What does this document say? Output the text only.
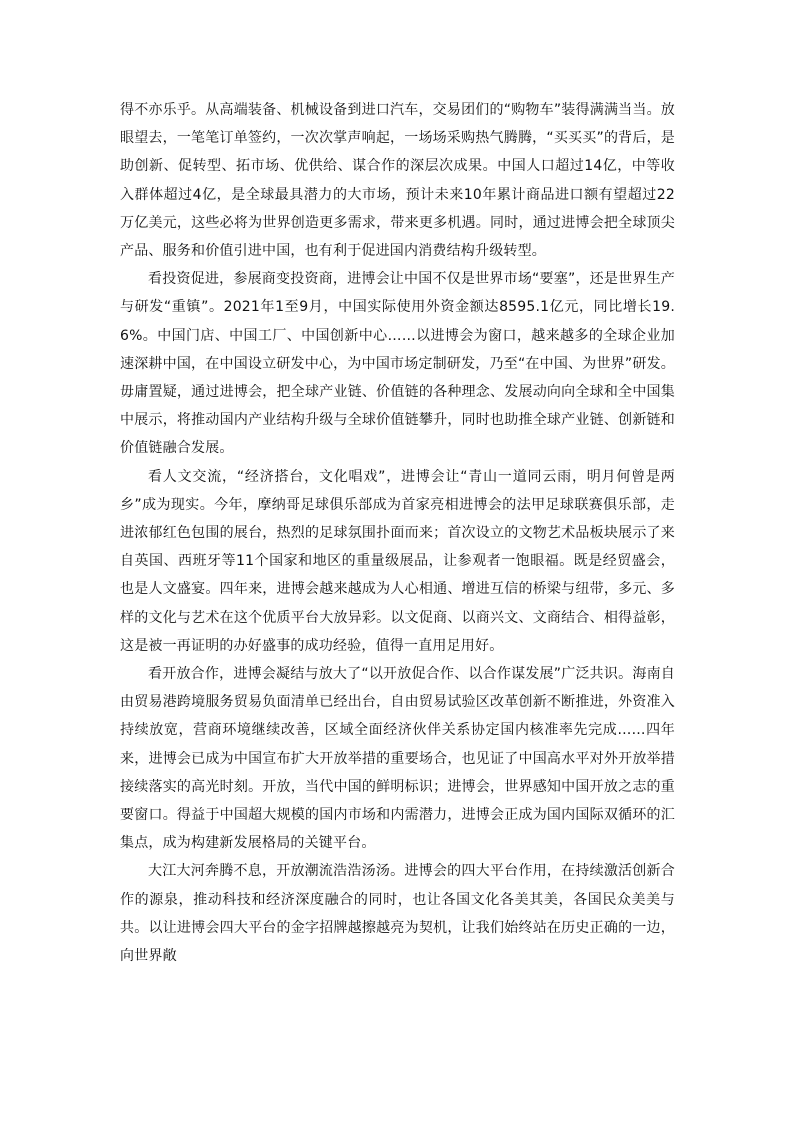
得不亦乐乎。从高端装备、机械设备到进口汽车，交易团们的“购物车”装得满满当当。放眼望去，一笔笔订单签约，一次次掌声响起，一场场采购热气腾腾，“买买买”的背后，是助创新、促转型、拓市场、优供给、谋合作的深层次成果。中国人口超过14亿，中等收入群体超过4亿，是全球最具潜力的大市场，预计未来10年累计商品进口额有望超过22万亿美元，这些必将为世界创造更多需求，带来更多机遇。同时，通过进博会把全球顶尖产品、服务和价值引进中国，也有利于促进国内消费结构升级转型。

看投资促进，参展商变投资商，进博会让中国不仅是世界市场“要塞”，还是世界生产与研发“重镇”。2021年1至9月，中国实际使用外资金额达8595.1亿元，同比增长19.6%。中国门店、中国工厂、中国创新中心……以进博会为窗口，越来越多的全球企业加速深耕中国，在中国设立研发中心，为中国市场定制研发，乃至“在中国、为世界”研发。毋庸置疑，通过进博会，把全球产业链、价值链的各种理念、发展动向向全球和全中国集中展示，将推动国内产业结构升级与全球价值链攀升，同时也助推全球产业链、创新链和价值链融合发展。

看人文交流，“经济搭台，文化唱戏”，进博会让“青山一道同云雨，明月何曾是两乡”成为现实。今年，摩纳哥足球俱乐部成为首家亮相进博会的法甲足球联赛俱乐部，走进浓郁红色包围的展台，热烈的足球氛围扑面而来；首次设立的文物艺术品板块展示了来自英国、西班牙等11个国家和地区的重量级展品，让参观者一饱眼福。既是经贸盛会，也是人文盛宴。四年来，进博会越来越成为人心相通、增进互信的桥梁与纽带，多元、多样的文化与艺术在这个优质平台大放异彩。以文促商、以商兴文、文商结合、相得益彰，这是被一再证明的办好盛事的成功经验，值得一直用足用好。

看开放合作，进博会凝结与放大了“以开放促合作、以合作谋发展”广泛共识。海南自由贸易港跨境服务贸易负面清单已经出台，自由贸易试验区改革创新不断推进，外资准入持续放宽，营商环境继续改善，区域全面经济伙伴关系协定国内核准率先完成……四年来，进博会已成为中国宣布扩大开放举措的重要场合，也见证了中国高水平对外开放举措接续落实的高光时刻。开放，当代中国的鲜明标识；进博会，世界感知中国开放之志的重要窗口。得益于中国超大规模的国内市场和内需潜力，进博会正成为国内国际双循环的汇集点，成为构建新发展格局的关键平台。

大江大河奔腾不息，开放潮流浩浩汤汤。进博会的四大平台作用，在持续激活创新合作的源泉，推动科技和经济深度融合的同时，也让各国文化各美其美，各国民众美美与共。以让进博会四大平台的金字招牌越擦越亮为契机，让我们始终站在历史正确的一边，向世界敞
